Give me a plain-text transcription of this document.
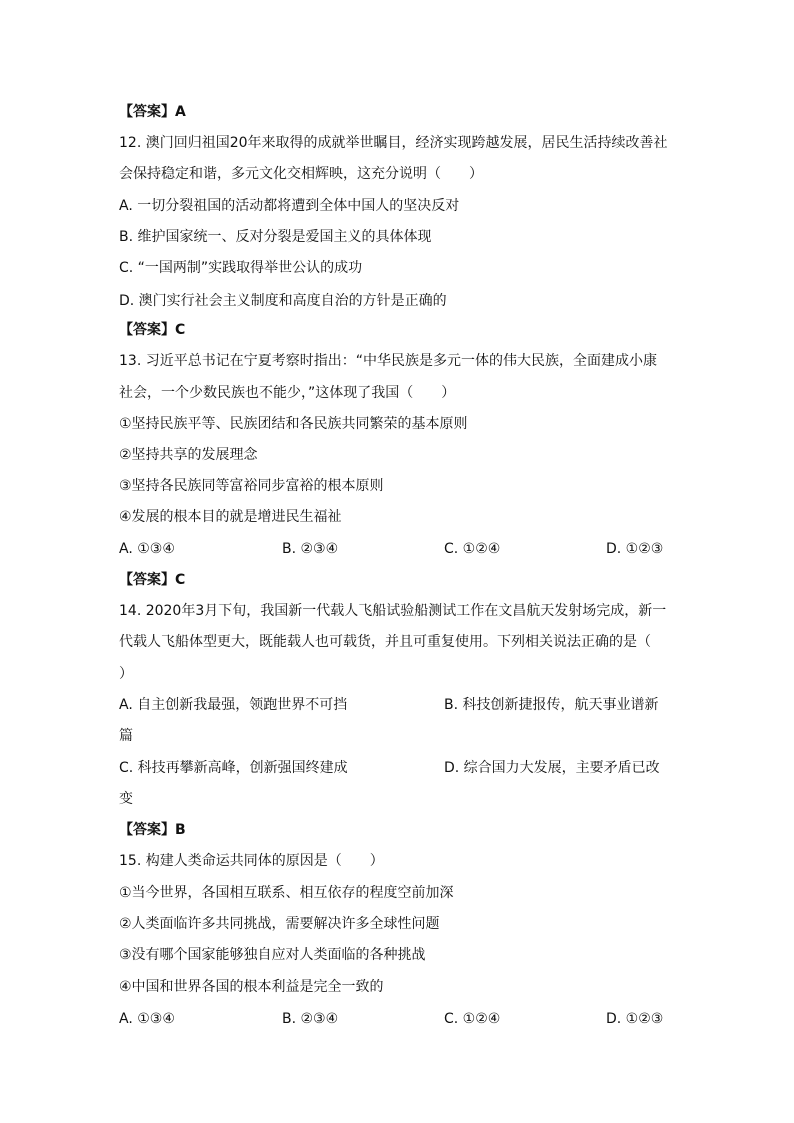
【答案】A
12. 澳门回归祖国20年来取得的成就举世瞩目，经济实现跨越发展，居民生活持续改善社
会保持稳定和谐，多元文化交相辉映，这充分说明（　　）
A. 一切分裂祖国的活动都将遭到全体中国人的坚决反对
B. 维护国家统一、反对分裂是爱国主义的具体体现
C. “一国两制”实践取得举世公认的成功
D. 澳门实行社会主义制度和高度自治的方针是正确的
【答案】C
13. 习近平总书记在宁夏考察时指出：“中华民族是多元一体的伟大民族，全面建成小康
社会，一个少数民族也不能少，”这体现了我国（　　）
①坚持民族平等、民族团结和各民族共同繁荣的基本原则
②坚持共享的发展理念
③坚持各民族同等富裕同步富裕的根本原则
④发展的根本目的就是增进民生福祉
A. ①③④	B. ②③④	C. ①②④	D. ①②③
【答案】C
14. 2020年3月下旬，我国新一代载人飞船试验船测试工作在文昌航天发射场完成，新一
代载人飞船体型更大，既能载人也可载货，并且可重复使用。下列相关说法正确的是（
）
A. 自主创新我最强，领跑世界不可挡	B. 科技创新捷报传，航天事业谱新
篇
C. 科技再攀新高峰，创新强国终建成	D. 综合国力大发展，主要矛盾已改
变
【答案】B
15. 构建人类命运共同体的原因是（　　）
①当今世界，各国相互联系、相互依存的程度空前加深
②人类面临许多共同挑战，需要解决许多全球性问题
③没有哪个国家能够独自应对人类面临的各种挑战
④中国和世界各国的根本利益是完全一致的
A. ①③④	B. ②③④	C. ①②④	D. ①②③
